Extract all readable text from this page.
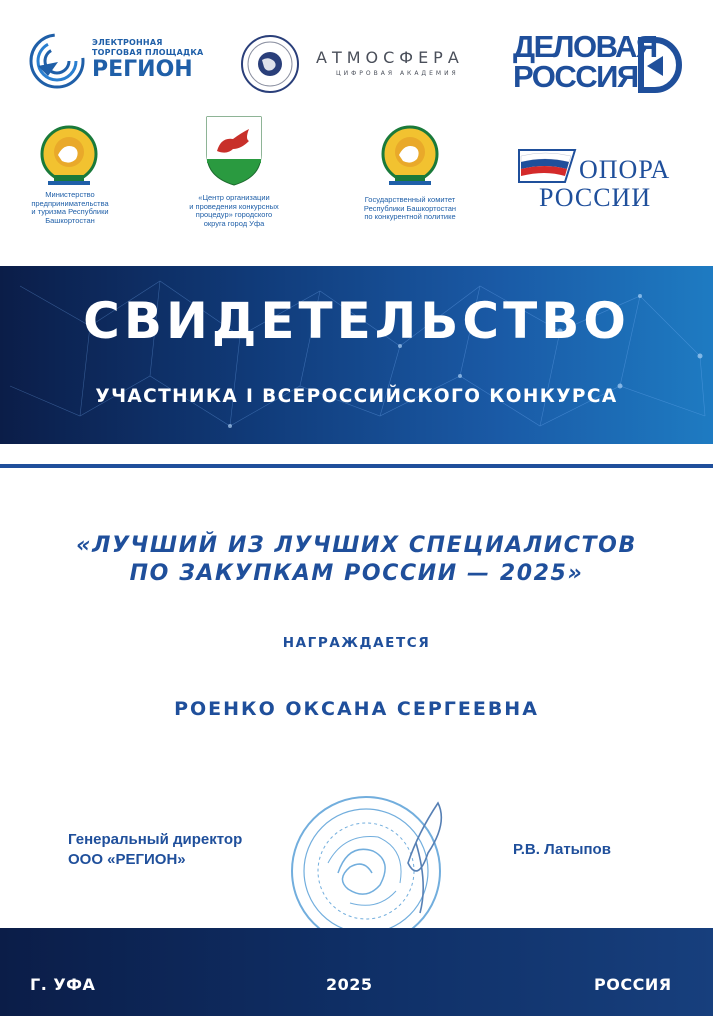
ЭЛЕКТРОННАЯ
ТОРГОВАЯ ПЛОЩАДКА
РЕГИОН	АТМОСФЕРА
ЦИФРОВАЯ АКАДЕМИЯ
ДЕЛОВАЯ
РОССИЯ
Министерство
предпринимательства
и туризма Республики
Башкортостан
«Центр организации
и проведения конкурсных
процедур» городского
округа город Уфа
Государственный комитет
Республики Башкортостан
по конкурентной политике
ОПОРА
РОССИИ
СВИДЕТЕЛЬСТВО
УЧАСТНИКА I ВСЕРОССИЙСКОГО КОНКУРСА
«ЛУЧШИЙ ИЗ ЛУЧШИХ СПЕЦИАЛИСТОВ
ПО ЗАКУПКАМ РОССИИ — 2025»
НАГРАЖДАЕТСЯ
РОЕНКО ОКСАНА СЕРГЕЕВНА
Генеральный директор
ООО «РЕГИОН»
Р.В. Латыпов
Г. УФА	2025	РОССИЯ
